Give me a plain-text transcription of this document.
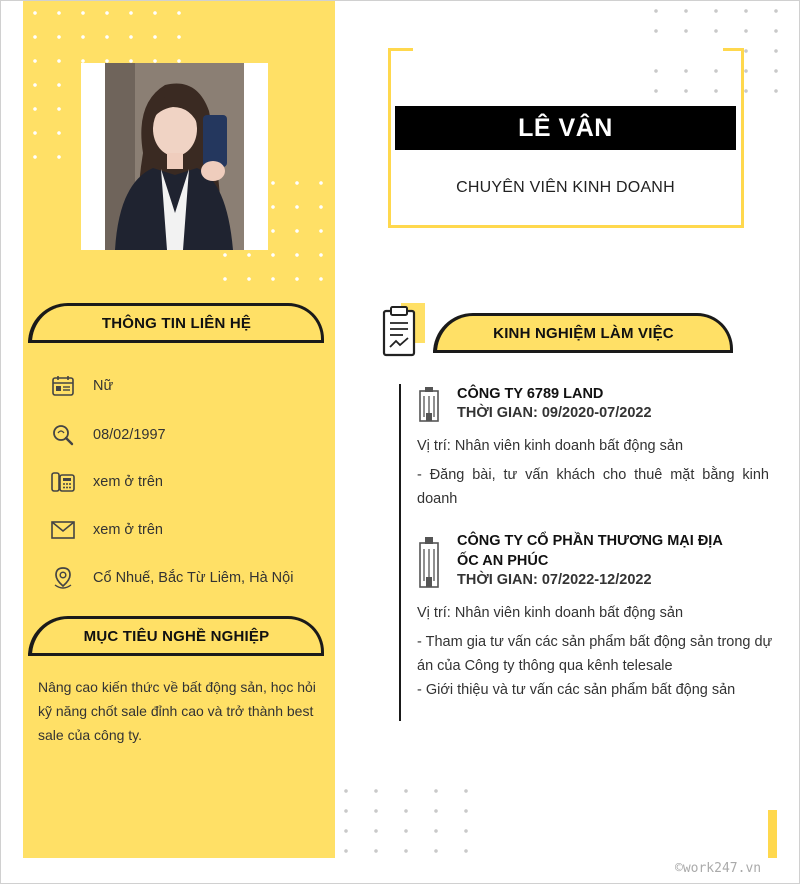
THÔNG TIN LIÊN HỆ
Nữ
08/02/1997
xem ở trên
xem ở trên
Cổ Nhuế, Bắc Từ Liêm, Hà Nội
MỤC TIÊU NGHỀ NGHIỆP

Nâng cao kiến thức về bất động sản, học hỏi kỹ năng chốt sale đỉnh cao và trở thành best sale của công ty.

LÊ VÂN
CHUYÊN VIÊN KINH DOANH
KINH NGHIỆM LÀM VIỆC
CÔNG TY 6789 LAND
THỜI GIAN: 09/2020-07/2022
Vị trí: Nhân viên kinh doanh bất động sản
- Đăng bài, tư vấn khách cho thuê mặt bằng kinh doanh
CÔNG TY CỔ PHẦN THƯƠNG MẠI ĐỊA
ỐC AN PHÚC
THỜI GIAN: 07/2022-12/2022
Vị trí: Nhân viên kinh doanh bất động sản
- Tham gia tư vấn các sản phẩm bất động sản trong dự án của Công ty thông qua kênh telesale
- Giới thiệu và tư vấn các sản phẩm bất động sản
©work247.vn
